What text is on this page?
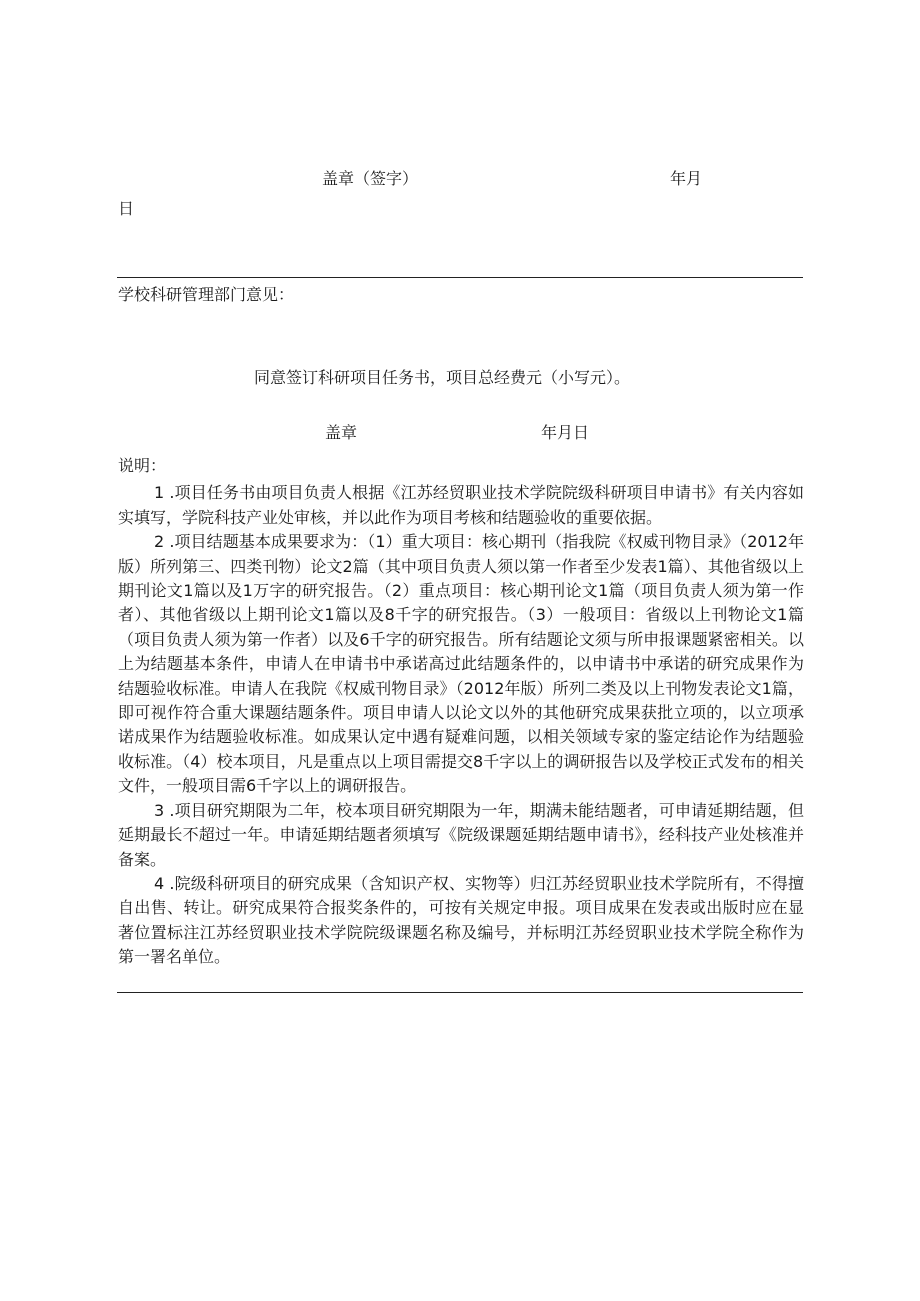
盖章（签字）	年月
日
学校科研管理部门意见：
同意签订科研项目任务书，项目总经费元（小写元）。
盖章	年月日

说明：

1 .项目任务书由项目负责人根据《江苏经贸职业技术学院院级科研项目申请书》有关内容如实填写，学院科技产业处审核，并以此作为项目考核和结题验收的重要依据。

2 .项目结题基本成果要求为：（1）重大项目：核心期刊（指我院《权威刊物目录》（2012年版）所列第三、四类刊物）论文2篇（其中项目负责人须以第一作者至少发表1篇）、其他省级以上期刊论文1篇以及1万字的研究报告。（2）重点项目：核心期刊论文1篇（项目负责人须为第一作者）、其他省级以上期刊论文1篇以及8千字的研究报告。（3）一般项目：省级以上刊物论文1篇（项目负责人须为第一作者）以及6千字的研究报告。所有结题论文须与所申报课题紧密相关。以上为结题基本条件，申请人在申请书中承诺高过此结题条件的，以申请书中承诺的研究成果作为结题验收标准。申请人在我院《权威刊物目录》（2012年版）所列二类及以上刊物发表论文1篇，即可视作符合重大课题结题条件。项目申请人以论文以外的其他研究成果获批立项的，以立项承诺成果作为结题验收标准。如成果认定中遇有疑难问题，以相关领域专家的鉴定结论作为结题验收标准。（4）校本项目，凡是重点以上项目需提交8千字以上的调研报告以及学校正式发布的相关文件，一般项目需6千字以上的调研报告。

3 .项目研究期限为二年，校本项目研究期限为一年，期满未能结题者，可申请延期结题，但延期最长不超过一年。申请延期结题者须填写《院级课题延期结题申请书》，经科技产业处核准并备案。

4 .院级科研项目的研究成果（含知识产权、实物等）归江苏经贸职业技术学院所有，不得擅自出售、转让。研究成果符合报奖条件的，可按有关规定申报。项目成果在发表或出版时应在显著位置标注江苏经贸职业技术学院院级课题名称及编号，并标明江苏经贸职业技术学院全称作为第一署名单位。
